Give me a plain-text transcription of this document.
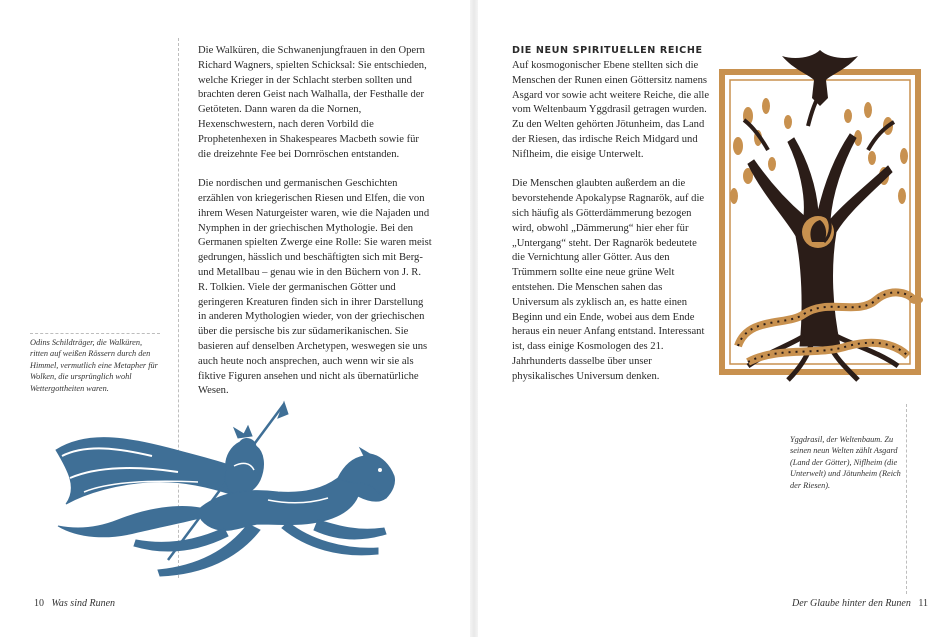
Die Walküren, die Schwanenjungfrauen in den Opern Richard Wagners, spielten Schicksal: Sie entschieden, welche Krieger in der Schlacht sterben sollten und brachten deren Geist nach Walhalla, der Festhalle der Getöteten. Dann waren da die Nornen, Hexenschwestern, nach deren Vorbild die Prophetenhexen in Shakespeares Macbeth sowie für die dreizehnte Fee bei Dornröschen entstanden.

Die nordischen und germanischen Geschichten erzählen von kriegerischen Riesen und Elfen, die von ihrem Wesen Naturgeister waren, wie die Najaden und Nymphen in der griechischen Mythologie. Bei den Germanen spielten Zwerge eine Rolle: Sie waren meist gedrungen, hässlich und beschäftigten sich mit Berg- und Metallbau – genau wie in den Büchern von J. R. R. Tolkien. Viele der germanischen Götter und geringeren Kreaturen finden sich in ihrer Darstellung in anderen Mythologien wieder, von der griechischen über die persische bis zur südamerikanischen. Sie basieren auf denselben Archetypen, weswegen sie uns auch heute noch ansprechen, auch wenn wir sie als fiktive Figuren ansehen und nicht als übernatürliche Wesen.

Odins Schildträger, die Walküren, ritten auf weißen Rössern durch den Himmel, vermutlich eine Metapher für Wolken, die ursprünglich wohl Wettergottheiten waren.
10 Was sind Runen
DIE NEUN SPIRITUELLEN REICHE

Auf kosmogonischer Ebene stellten sich die Menschen der Runen einen Göttersitz namens Asgard vor sowie acht weitere Reiche, die alle vom Weltenbaum Yggdrasil getragen wurden. Zu den Welten gehörten Jötunheim, das Land der Riesen, das irdische Reich Midgard und Niflheim, die eisige Unterwelt.

Die Menschen glaubten außerdem an die bevorstehende Apokalypse Ragnarök, auf die sich häufig als Götterdämmerung bezogen wird, obwohl „Dämmerung“ hier eher für „Untergang“ steht. Der Ragnarök bedeutete die Vernichtung aller Götter. Aus den Trümmern sollte eine neue grüne Welt entstehen. Die Menschen sahen das Universum als zyklisch an, es hatte einen Beginn und ein Ende, wobei aus dem Ende heraus ein neuer Anfang entstand. Interessant ist, dass einige Kosmologen des 21. Jahrhunderts dasselbe über unser physikalisches Universum denken.

Yggdrasil, der Weltenbaum. Zu seinen neun Welten zählt Asgard (Land der Götter), Niflheim (die Unterwelt) und Jötunheim (Reich der Riesen).
Der Glaube hinter den Runen 11
